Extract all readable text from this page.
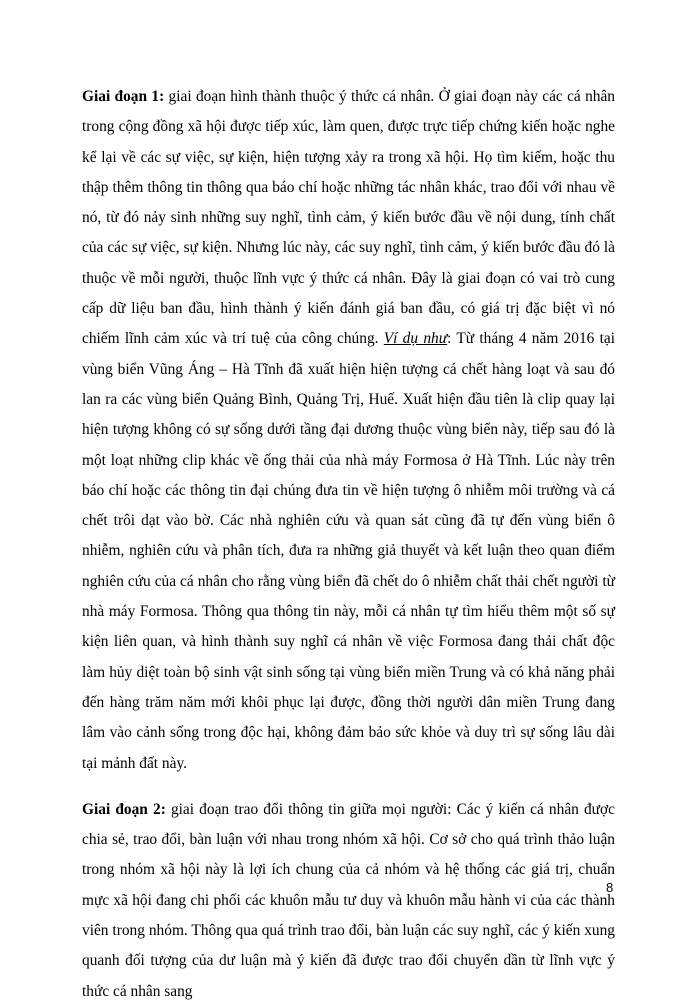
Giai đoạn 1: giai đoạn hình thành thuộc ý thức cá nhân. Ở giai đoạn này các cá nhân trong cộng đồng xã hội được tiếp xúc, làm quen, được trực tiếp chứng kiến hoặc nghe kể lại về các sự việc, sự kiện, hiện tượng xảy ra trong xã hội. Họ tìm kiếm, hoặc thu thập thêm thông tin thông qua báo chí hoặc những tác nhân khác, trao đổi với nhau về nó, từ đó nảy sinh những suy nghĩ, tình cảm, ý kiến bước đầu về nội dung, tính chất của các sự việc, sự kiện. Nhưng lúc này, các suy nghĩ, tình cảm, ý kiến bước đầu đó là thuộc về mỗi người, thuộc lĩnh vực ý thức cá nhân. Đây là giai đoạn có vai trò cung cấp dữ liệu ban đầu, hình thành ý kiến đánh giá ban đầu, có giá trị đặc biệt vì nó chiếm lĩnh cảm xúc và trí tuệ của công chúng. Ví dụ như: Từ tháng 4 năm 2016 tại vùng biển Vũng Áng – Hà Tĩnh đã xuất hiện hiện tượng cá chết hàng loạt và sau đó lan ra các vùng biển Quảng Bình, Quảng Trị, Huế. Xuất hiện đầu tiên là clip quay lại hiện tượng không có sự sống dưới tầng đại dương thuộc vùng biển này, tiếp sau đó là một loạt những clip khác về ống thải của nhà máy Formosa ở Hà Tĩnh. Lúc này trên báo chí hoặc các thông tin đại chúng đưa tin về hiện tượng ô nhiễm môi trường và cá chết trôi dạt vào bờ. Các nhà nghiên cứu và quan sát cũng đã tự đến vùng biển ô nhiễm, nghiên cứu và phân tích, đưa ra những giả thuyết và kết luận theo quan điểm nghiên cứu của cá nhân cho rằng vùng biển đã chết do ô nhiễm chất thải chết người từ nhà máy Formosa. Thông qua thông tin này, mỗi cá nhân tự tìm hiểu thêm một số sự kiện liên quan, và hình thành suy nghĩ cá nhân về việc Formosa đang thải chất độc làm hủy diệt toàn bộ sinh vật sinh sống tại vùng biển miền Trung và có khả năng phải đến hàng trăm năm mới khôi phục lại được, đồng thời người dân miền Trung đang lâm vào cảnh sống trong độc hại, không đảm bảo sức khỏe và duy trì sự sống lâu dài tại mảnh đất này.

Giai đoạn 2: giai đoạn trao đổi thông tin giữa mọi người: Các ý kiến cá nhân được chia sẻ, trao đổi, bàn luận với nhau trong nhóm xã hội. Cơ sở cho quá trình thảo luận trong nhóm xã hội này là lợi ích chung của cả nhóm và hệ thống các giá trị, chuẩn mực xã hội đang chi phối các khuôn mẫu tư duy và khuôn mẫu hành vi của các thành viên trong nhóm. Thông qua quá trình trao đổi, bàn luận các suy nghĩ, các ý kiến xung quanh đối tượng của dư luận mà ý kiến đã được trao đổi chuyển dần từ lĩnh vực ý thức cá nhân sang

8
